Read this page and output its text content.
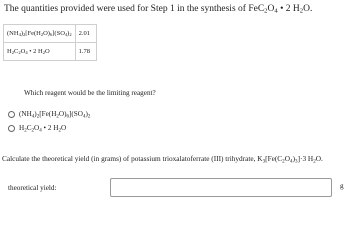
The quantities provided were used for Step 1 in the synthesis of $FeC_2O_4$ • 2 $H_2O$.
$(NH_4)_2[Fe(H_2O)_6](SO_4)_2$	2.01
$H_2C_2O_4$ • 2 $H_2O$	1.78
Which reagent would be the limiting reagent?
$(NH_4)_2[Fe(H_2O)_6](SO_4)_2$
$H_2C_2O_4$ • 2 $H_2O$
Calculate the theoretical yield (in grams) of potassium trioxalatoferrate (III) trihydrate, $K_3[Fe(C_2O_4)_3]\cdot 3$ $H_2O$.
theoretical yield:	g
